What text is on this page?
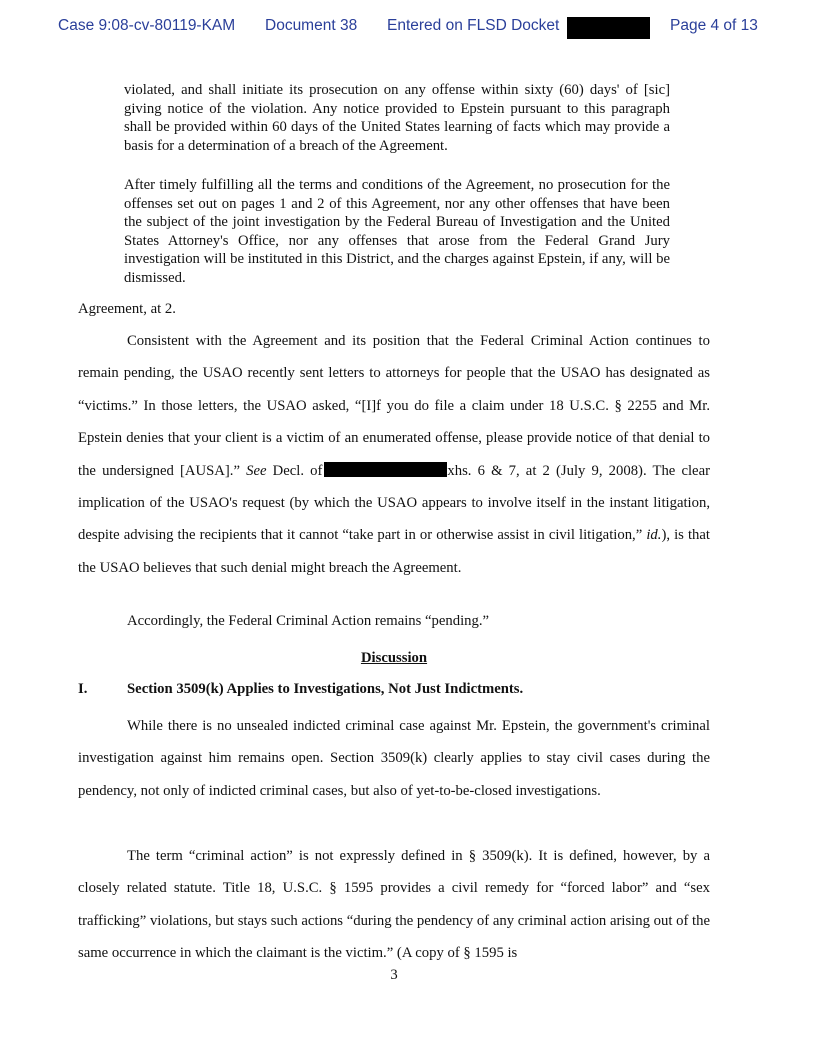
Case 9:08-cv-80119-KAM Document 38 Entered on FLSD Docket	Page 4 of 13
violated, and shall initiate its prosecution on any offense within sixty (60) days' of [sic] giving notice of the violation. Any notice provided to Epstein pursuant to this paragraph shall be provided within 60 days of the United States learning of facts which may provide a basis for a determination of a breach of the Agreement.
After timely fulfilling all the terms and conditions of the Agreement, no prosecution for the offenses set out on pages 1 and 2 of this Agreement, nor any other offenses that have been the subject of the joint investigation by the Federal Bureau of Investigation and the United States Attorney's Office, nor any offenses that arose from the Federal Grand Jury investigation will be instituted in this District, and the charges against Epstein, if any, will be dismissed.
Agreement, at 2.
Consistent with the Agreement and its position that the Federal Criminal Action continues to remain pending, the USAO recently sent letters to attorneys for people that the USAO has designated as “victims.” In those letters, the USAO asked, “[I]f you do file a claim under 18 U.S.C. § 2255 and Mr. Epstein denies that your client is a victim of an enumerated offense, please provide notice of that denial to the undersigned [AUSA].” See Decl. of	xhs. 6 & 7, at 2 (July 9, 2008). The clear implication of the USAO's request (by which the USAO appears to involve itself in the instant litigation, despite advising the recipients that it cannot “take part in or otherwise assist in civil litigation,” id.), is that the USAO believes that such denial might breach the Agreement.
Accordingly, the Federal Criminal Action remains “pending.”
Discussion
I.	Section 3509(k) Applies to Investigations, Not Just Indictments.
While there is no unsealed indicted criminal case against Mr. Epstein, the government's criminal investigation against him remains open. Section 3509(k) clearly applies to stay civil cases during the pendency, not only of indicted criminal cases, but also of yet-to-be-closed investigations.
The term “criminal action” is not expressly defined in § 3509(k). It is defined, however, by a closely related statute. Title 18, U.S.C. § 1595 provides a civil remedy for “forced labor” and “sex trafficking” violations, but stays such actions “during the pendency of any criminal action arising out of the same occurrence in which the claimant is the victim.” (A copy of § 1595 is
3
